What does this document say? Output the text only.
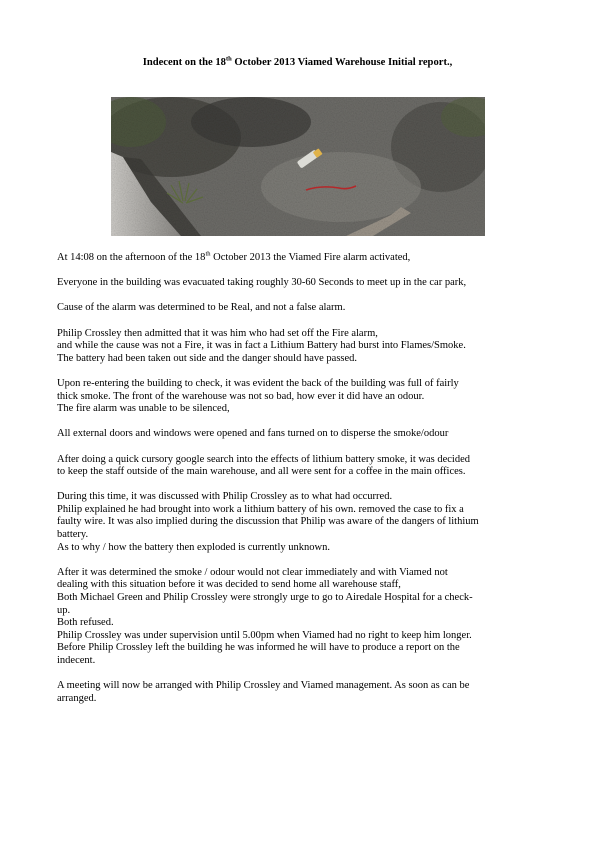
Indecent on the 18th October 2013 Viamed Warehouse Initial report.,

At 14:08 on the afternoon of the 18th October 2013 the Viamed Fire alarm activated,

Everyone in the building was evacuated taking roughly 30-60 Seconds to meet up in the car park,

Cause of the alarm was determined to be Real, and not a false alarm.

Philip Crossley then admitted that it was him who had set off the Fire alarm,
and while the cause was not a Fire, it was in fact a Lithium Battery had burst into Flames/Smoke.
The battery had been taken out side and the danger should have passed.

Upon re-entering the building to check, it was evident the back of the building was full of fairly
thick smoke. The front of the warehouse was not so bad, how ever it did have an odour.
The fire alarm was unable to be silenced,

All external doors and windows were opened and fans turned on to disperse the smoke/odour

After doing a quick cursory google search into the effects of lithium battery smoke, it was decided
to keep the staff outside of the main warehouse, and all were sent for a coffee in the main offices.

During this time, it was discussed with Philip Crossley as to what had occurred.
Philip explained he had brought into work a lithium battery of his own. removed the case to fix a
faulty wire. It was also implied during the discussion that Philip was aware of the dangers of lithium
battery.
As to why / how the battery then exploded is currently unknown.

After it was determined the smoke / odour would not clear immediately and with Viamed not
dealing with this situation before it was decided to send home all warehouse staff,
Both Michael Green and Philip Crossley were strongly urge to go to Airedale Hospital for a check-
up.
Both refused.
Philip Crossley was under supervision until 5.00pm when Viamed had no right to keep him longer.
Before Philip Crossley left the building he was informed he will have to produce a report on the
indecent.

A meeting will now be arranged with Philip Crossley and Viamed management. As soon as can be
arranged.
